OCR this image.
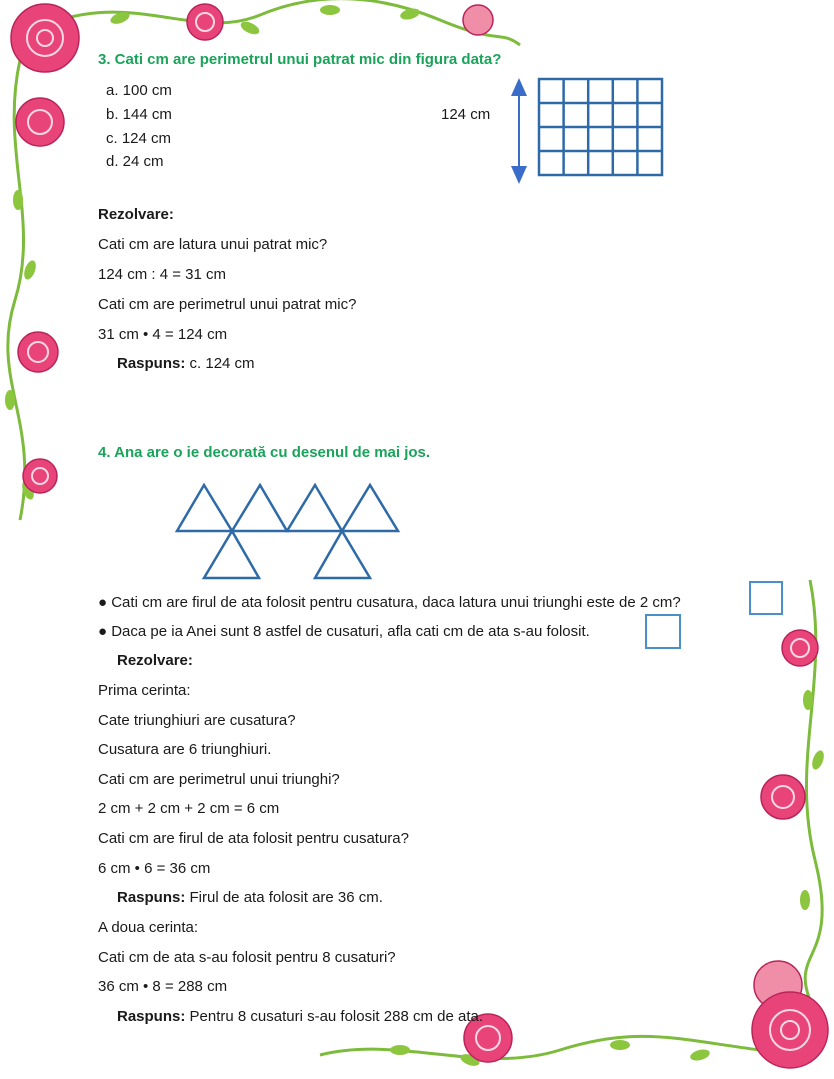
3. Cati cm are perimetrul unui patrat mic din figura data?
a. 100 cm
b. 144 cm
c. 124 cm
d. 24 cm
124 cm
Rezolvare:
Cati cm are latura unui patrat mic?
124 cm : 4 = 31 cm
Cati cm are perimetrul unui patrat mic?
31 cm • 4 = 124 cm
Raspuns: c. 124 cm
4. Ana are o ie decorată cu desenul de mai jos.
● Cati cm are firul de ata folosit pentru cusatura, daca latura unui triunghi este de 2 cm?
● Daca pe ia Anei sunt 8 astfel de cusaturi, afla cati cm de ata s-au folosit.
Rezolvare:
Prima cerinta:
Cate triunghiuri are cusatura?
Cusatura are 6 triunghiuri.
Cati cm are perimetrul unui triunghi?
2 cm + 2 cm + 2 cm = 6 cm
Cati cm are firul de ata folosit pentru cusatura?
6 cm • 6 = 36 cm
Raspuns: Firul de ata folosit are 36 cm.
A doua cerinta:
Cati cm de ata s-au folosit pentru 8 cusaturi?
36 cm • 8 = 288 cm
Raspuns: Pentru 8 cusaturi s-au folosit 288 cm de ata.
